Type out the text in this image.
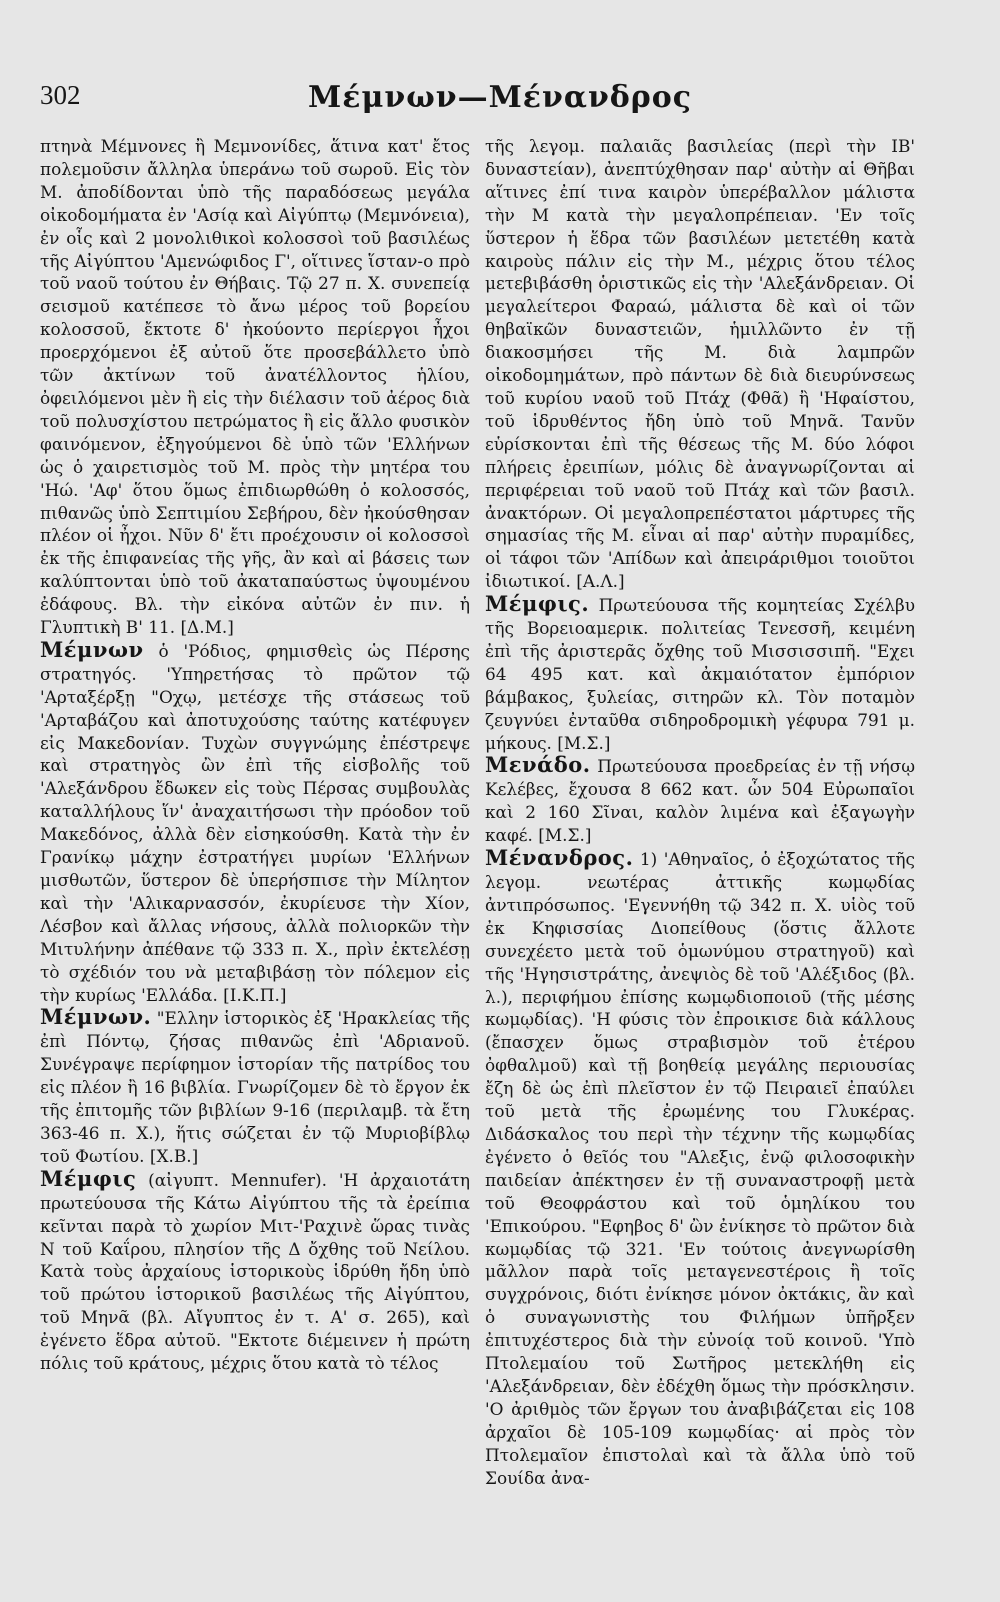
302	Μέμνων—Μένανδρος

πτηνὰ Μέμνονες ἢ Μεμνονίδες, ἅτινα κατ' ἔτος πολεμοῦσιν ἄλληλα ὑπεράνω τοῦ σωροῦ. Εἰς τὸν Μ. ἀποδίδονται ὑπὸ τῆς παραδόσεως μεγάλα οἰκοδομήματα ἐν 'Ασίᾳ καὶ Αἰγύπτῳ (Μεμνόνεια), ἐν οἷς καὶ 2 μονολιθικοὶ κολοσσοὶ τοῦ βασιλέως τῆς Αἰγύπτου 'Αμενώφιδος Γ', οἵτινες ἵσταν-ο πρὸ τοῦ ναοῦ τούτου ἐν Θήβαις. Τῷ 27 π. Χ. συνεπείᾳ σεισμοῦ κατέπεσε τὸ ἄνω μέρος τοῦ βορείου κολοσσοῦ, ἔκτοτε δ' ἠκούοντο περίεργοι ἦχοι προερχόμενοι ἐξ αὐτοῦ ὅτε προσεβάλλετο ὑπὸ τῶν ἀκτίνων τοῦ ἀνατέλλοντος ἡλίου, ὀφειλόμενοι μὲν ἢ εἰς τὴν διέλασιν τοῦ ἀέρος διὰ τοῦ πολυσχίστου πετρώματος ἢ εἰς ἄλλο φυσικὸν φαινόμενον, ἐξηγούμενοι δὲ ὑπὸ τῶν 'Ελλήνων ὡς ὁ χαιρετισμὸς τοῦ Μ. πρὸς τὴν μητέρα του 'Ηώ. 'Αφ' ὅτου ὅμως ἐπιδιωρθώθη ὁ κολοσσός, πιθανῶς ὑπὸ Σεπτιμίου Σεβήρου, δὲν ἠκούσθησαν πλέον οἱ ἦχοι. Νῦν δ' ἔτι προέχουσιν οἱ κολοσσοὶ ἐκ τῆς ἐπιφανείας τῆς γῆς, ἂν καὶ αἱ βάσεις των καλύπτονται ὑπὸ τοῦ ἀκαταπαύστως ὑψουμένου ἐδάφους. Βλ. τὴν εἰκόνα αὐτῶν ἐν πιν. ἡ Γλυπτικὴ Β' 11. [Δ.Μ.]

Μέμνων ὁ 'Ρόδιος, φημισθεὶς ὡς Πέρσης στρατηγός. 'Υπηρετήσας τὸ πρῶτον τῷ 'Αρταξέρξῃ "Οχῳ, μετέσχε τῆς στάσεως τοῦ 'Αρταβάζου καὶ ἀποτυχούσης ταύτης κατέφυγεν εἰς Μακεδονίαν. Τυχὼν συγγνώμης ἐπέστρεψε καὶ στρατηγὸς ὢν ἐπὶ τῆς εἰσβολῆς τοῦ 'Αλεξάνδρου ἔδωκεν εἰς τοὺς Πέρσας συμβουλὰς καταλλήλους ἵν' ἀναχαιτήσωσι τὴν πρόοδον τοῦ Μακεδόνος, ἀλλὰ δὲν εἰσηκούσθη. Κατὰ τὴν ἐν Γρανίκῳ μάχην ἐστρατήγει μυρίων 'Ελλήνων μισθωτῶν, ὕστερον δὲ ὑπερήσπισε τὴν Μίλητον καὶ τὴν 'Αλικαρνασσόν, ἐκυρίευσε τὴν Χίον, Λέσβον καὶ ἄλλας νήσους, ἀλλὰ πολιορκῶν τὴν Μιτυλήνην ἀπέθανε τῷ 333 π. Χ., πρὶν ἐκτελέσῃ τὸ σχέδιόν του νὰ μεταβιβάσῃ τὸν πόλεμον εἰς τὴν κυρίως 'Ελλάδα. [Ι.Κ.Π.]

Μέμνων. "Ελλην ἱστορικὸς ἐξ 'Ηρακλείας τῆς ἐπὶ Πόντῳ, ζήσας πιθανῶς ἐπὶ 'Αδριανοῦ. Συνέγραψε περίφημον ἱστορίαν τῆς πατρίδος του εἰς πλέον ἢ 16 βιβλία. Γνωρίζομεν δὲ τὸ ἔργον ἐκ τῆς ἐπιτομῆς τῶν βιβλίων 9-16 (περιλαμβ. τὰ ἔτη 363-46 π. Χ.), ἥτις σώζεται ἐν τῷ Μυριοβίβλῳ τοῦ Φωτίου. [Χ.Β.]

Μέμφις (αἰγυπτ. Mennufer). 'Η ἀρχαιοτάτη πρωτεύουσα τῆς Κάτω Αἰγύπτου τῆς τὰ ἐρείπια κεῖνται παρὰ τὸ χωρίον Μιτ-'Ραχινὲ ὥρας τινὰς Ν τοῦ Καΐρου, πλησίον τῆς Δ ὄχθης τοῦ Νείλου. Κατὰ τοὺς ἀρχαίους ἱστορικοὺς ἱδρύθη ἤδη ὑπὸ τοῦ πρώτου ἱστορικοῦ βασιλέως τῆς Αἰγύπτου, τοῦ Μηνᾶ (βλ. Αἴγυπτος ἐν τ. Α' σ. 265), καὶ ἐγένετο ἕδρα αὐτοῦ. "Εκτοτε διέμεινεν ἡ πρώτη πόλις τοῦ κράτους, μέχρις ὅτου κατὰ τὸ τέλος

τῆς λεγομ. παλαιᾶς βασιλείας (περὶ τὴν ΙΒ' δυναστείαν), ἀνεπτύχθησαν παρ' αὐτὴν αἱ Θῆβαι αἵτινες ἐπί τινα καιρὸν ὑπερέβαλλον μάλιστα τὴν Μ κατὰ τὴν μεγαλοπρέπειαν. 'Εν τοῖς ὕστερον ἡ ἕδρα τῶν βασιλέων μετετέθη κατὰ καιροὺς πάλιν εἰς τὴν Μ., μέχρις ὅτου τέλος μετεβιβάσθη ὁριστικῶς εἰς τὴν 'Αλεξάνδρειαν. Οἱ μεγαλείτεροι Φαραώ, μάλιστα δὲ καὶ οἱ τῶν θηβαϊκῶν δυναστειῶν, ἡμιλλῶντο ἐν τῇ διακοσμήσει τῆς Μ. διὰ λαμπρῶν οἰκοδομημάτων, πρὸ πάντων δὲ διὰ διευρύνσεως τοῦ κυρίου ναοῦ τοῦ Πτάχ (Φθᾶ) ἢ 'Ηφαίστου, τοῦ ἱδρυθέντος ἤδη ὑπὸ τοῦ Μηνᾶ. Τανῦν εὑρίσκονται ἐπὶ τῆς θέσεως τῆς Μ. δύο λόφοι πλήρεις ἐρειπίων, μόλις δὲ ἀναγνωρίζονται αἱ περιφέρειαι τοῦ ναοῦ τοῦ Πτάχ καὶ τῶν βασιλ. ἀνακτόρων. Οἱ μεγαλοπρεπέστατοι μάρτυρες τῆς σημασίας τῆς Μ. εἶναι αἱ παρ' αὐτὴν πυραμίδες, οἱ τάφοι τῶν 'Απίδων καὶ ἀπειράριθμοι τοιοῦτοι ἰδιωτικοί. [Α.Λ.]

Μέμφις. Πρωτεύουσα τῆς κομητείας Σχέλβυ τῆς Βορειοαμερικ. πολιτείας Τενεσσῆ, κειμένη ἐπὶ τῆς ἀριστερᾶς ὄχθης τοῦ Μισσισσιπῆ. "Εχει 64 495 κατ. καὶ ἀκμαιότατον ἐμπόριον βάμβακος, ξυλείας, σιτηρῶν κλ. Τὸν ποταμὸν ζευγνύει ἐνταῦθα σιδηροδρομικὴ γέφυρα 791 μ. μήκους. [Μ.Σ.]

Μενάδο. Πρωτεύουσα προεδρείας ἐν τῇ νήσῳ Κελέβες, ἔχουσα 8 662 κατ. ὧν 504 Εὐρωπαῖοι καὶ 2 160 Σῖναι, καλὸν λιμένα καὶ ἐξαγωγὴν καφέ. [Μ.Σ.]

Μένανδρος. 1) 'Αθηναῖος, ὁ ἐξοχώτατος τῆς λεγομ. νεωτέρας ἀττικῆς κωμῳδίας ἀντιπρόσωπος. 'Εγεννήθη τῷ 342 π. Χ. υἱὸς τοῦ ἐκ Κηφισσίας Διοπείθους (ὅστις ἄλλοτε συνεχέετο μετὰ τοῦ ὁμωνύμου στρατηγοῦ) καὶ τῆς 'Ηγησιστράτης, ἀνεψιὸς δὲ τοῦ 'Αλέξιδος (βλ. λ.), περιφήμου ἐπίσης κωμῳδιοποιοῦ (τῆς μέσης κωμῳδίας). 'Η φύσις τὸν ἐπροικισε διὰ κάλλους (ἔπασχεν ὅμως στραβισμὸν τοῦ ἑτέρου ὀφθαλμοῦ) καὶ τῇ βοηθείᾳ μεγάλης περιουσίας ἔζη δὲ ὡς ἐπὶ πλεῖστον ἐν τῷ Πειραιεῖ ἐπαύλει τοῦ μετὰ τῆς ἐρωμένης του Γλυκέρας. Διδάσκαλος του περὶ τὴν τέχνην τῆς κωμῳδίας ἐγένετο ὁ θεῖός του "Αλεξις, ἐνῷ φιλοσοφικὴν παιδείαν ἀπέκτησεν ἐν τῇ συναναστροφῇ μετὰ τοῦ Θεοφράστου καὶ τοῦ ὁμηλίκου του 'Επικούρου. "Εφηβος δ' ὢν ἐνίκησε τὸ πρῶτον διὰ κωμῳδίας τῷ 321. 'Εν τούτοις ἀνεγνωρίσθη μᾶλλον παρὰ τοῖς μεταγενεστέροις ἢ τοῖς συγχρόνοις, διότι ἐνίκησε μόνον ὀκτάκις, ἂν καὶ ὁ συναγωνιστὴς του Φιλήμων ὑπῆρξεν ἐπιτυχέστερος διὰ τὴν εὐνοίᾳ τοῦ κοινοῦ. 'Υπὸ Πτολεμαίου τοῦ Σωτῆρος μετεκλήθη εἰς 'Αλεξάνδρειαν, δὲν ἐδέχθη ὅμως τὴν πρόσκλησιν. 'Ο ἀριθμὸς τῶν ἔργων του ἀναβιβάζεται εἰς 108 ἀρχαῖοι δὲ 105-109 κωμῳδίας· αἱ πρὸς τὸν Πτολεμαῖον ἐπιστολαὶ καὶ τὰ ἄλλα ὑπὸ τοῦ Σουίδα ἀνα-
